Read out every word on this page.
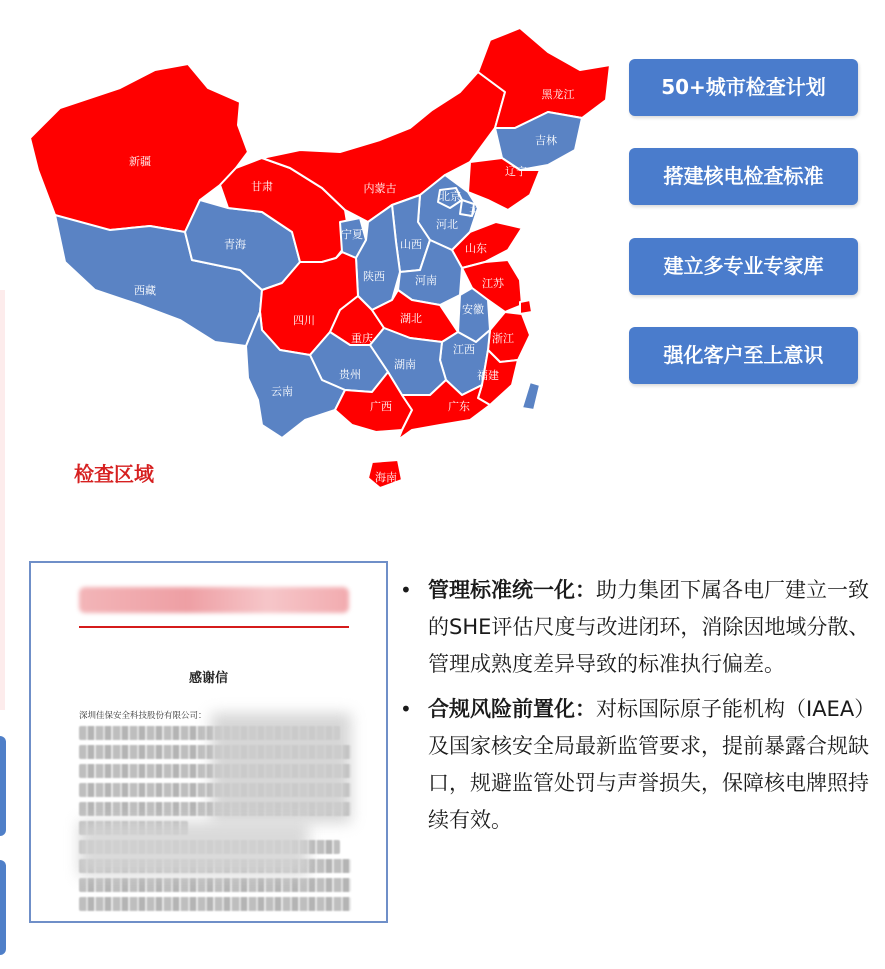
新疆
西藏
青海
甘肃	内蒙古
黑龙江
吉林
辽宁
北京
天津
河北
宁夏
山西
陕西
山东
河南	江苏
上海
安徽
四川	湖北
重庆	浙江
江西
湖南
贵州
云南
福建
广西	广东
海南
检查区域
50+城市检查计划
搭建核电检查标准
建立多专业专家库
强化客户至上意识
感谢信
深圳佳保安全科技股份有限公司：
• 管理标准统一化：助力集团下属各电厂建立一致的SHE评估尺度与改进闭环，消除因地域分散、管理成熟度差异导致的标准执行偏差。
• 合规风险前置化：对标国际原子能机构（IAEA）及国家核安全局最新监管要求，提前暴露合规缺口，规避监管处罚与声誉损失，保障核电牌照持续有效。
